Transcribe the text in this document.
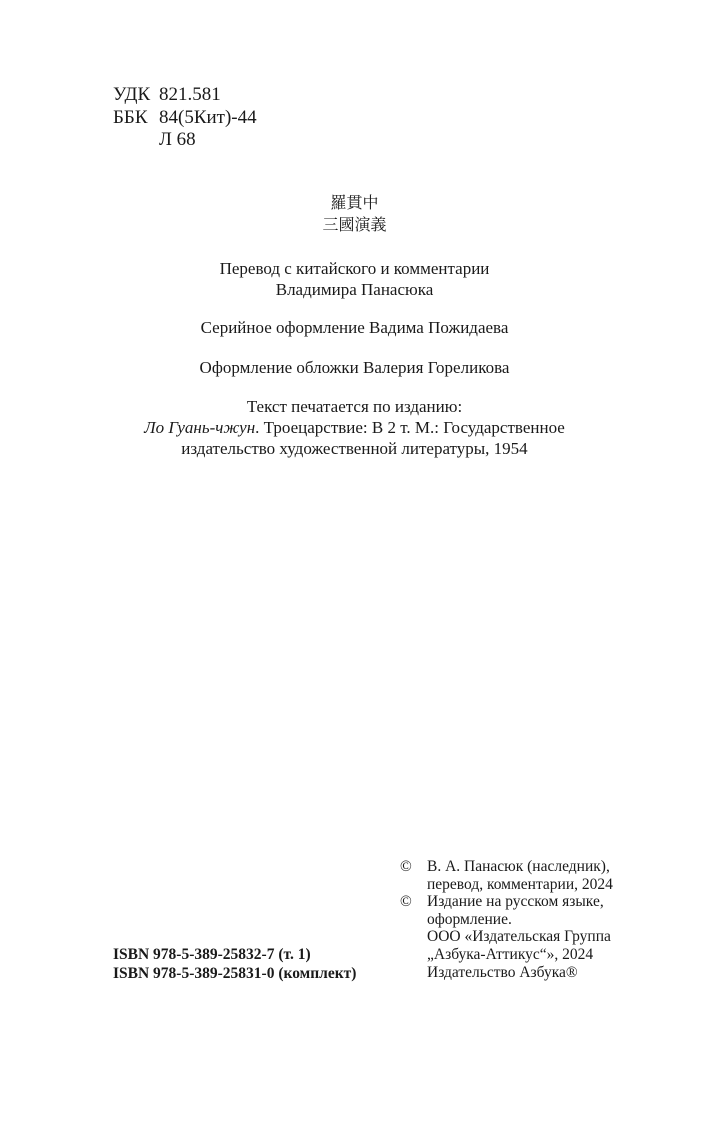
УДК 821.581
ББК 84(5Кит)-44
Л 68
羅貫中
三國演義
Перевод с китайского и комментарии
Владимира Панасюка
Серийное оформление Вадима Пожидаева
Оформление обложки Валерия Гореликова
Текст печатается по изданию:
Ло Гуань-чжун. Троецарствие: В 2 т. М.: Государственное
издательство художественной литературы, 1954
© В. А. Панасюк (наследник),
перевод, комментарии, 2024
© Издание на русском языке,
оформление.
ООО «Издательская Группа
„Азбука-Аттикус“», 2024
Издательство Азбука®
ISBN 978-5-389-25832-7 (т. 1)
ISBN 978-5-389-25831-0 (комплект)
